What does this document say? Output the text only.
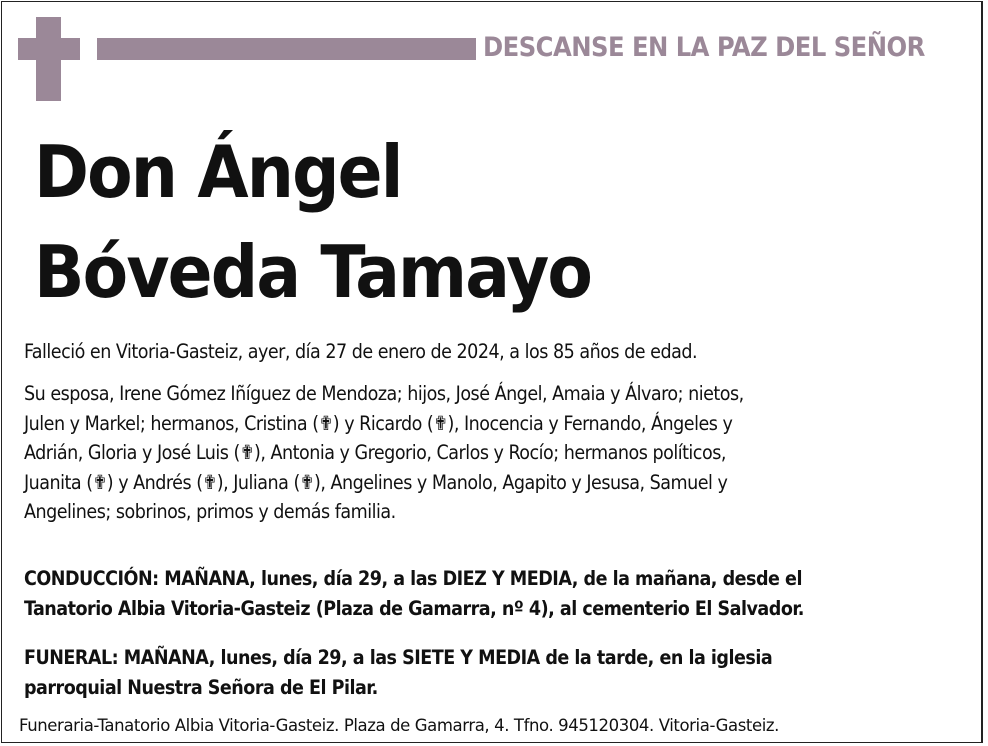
DESCANSE EN LA PAZ DEL SEÑOR
Don Ángel
Bóveda Tamayo
Falleció en Vitoria-Gasteiz, ayer, día 27 de enero de 2024, a los 85 años de edad.
Su esposa, Irene Gómez Iñíguez de Mendoza; hijos, José Ángel, Amaia y Álvaro; nietos,
Julen y Markel; hermanos, Cristina (✟) y Ricardo (✟), Inocencia y Fernando, Ángeles y
Adrián, Gloria y José Luis (✟), Antonia y Gregorio, Carlos y Rocío; hermanos políticos,
Juanita (✟) y Andrés (✟), Juliana (✟), Angelines y Manolo, Agapito y Jesusa, Samuel y
Angelines; sobrinos, primos y demás familia.
CONDUCCIÓN: MAÑANA, lunes, día 29, a las DIEZ Y MEDIA, de la mañana, desde el
Tanatorio Albia Vitoria-Gasteiz (Plaza de Gamarra, nº 4), al cementerio El Salvador.
FUNERAL: MAÑANA, lunes, día 29, a las SIETE Y MEDIA de la tarde, en la iglesia
parroquial Nuestra Señora de El Pilar.
Funeraria-Tanatorio Albia Vitoria-Gasteiz. Plaza de Gamarra, 4. Tfno. 945120304. Vitoria-Gasteiz.
